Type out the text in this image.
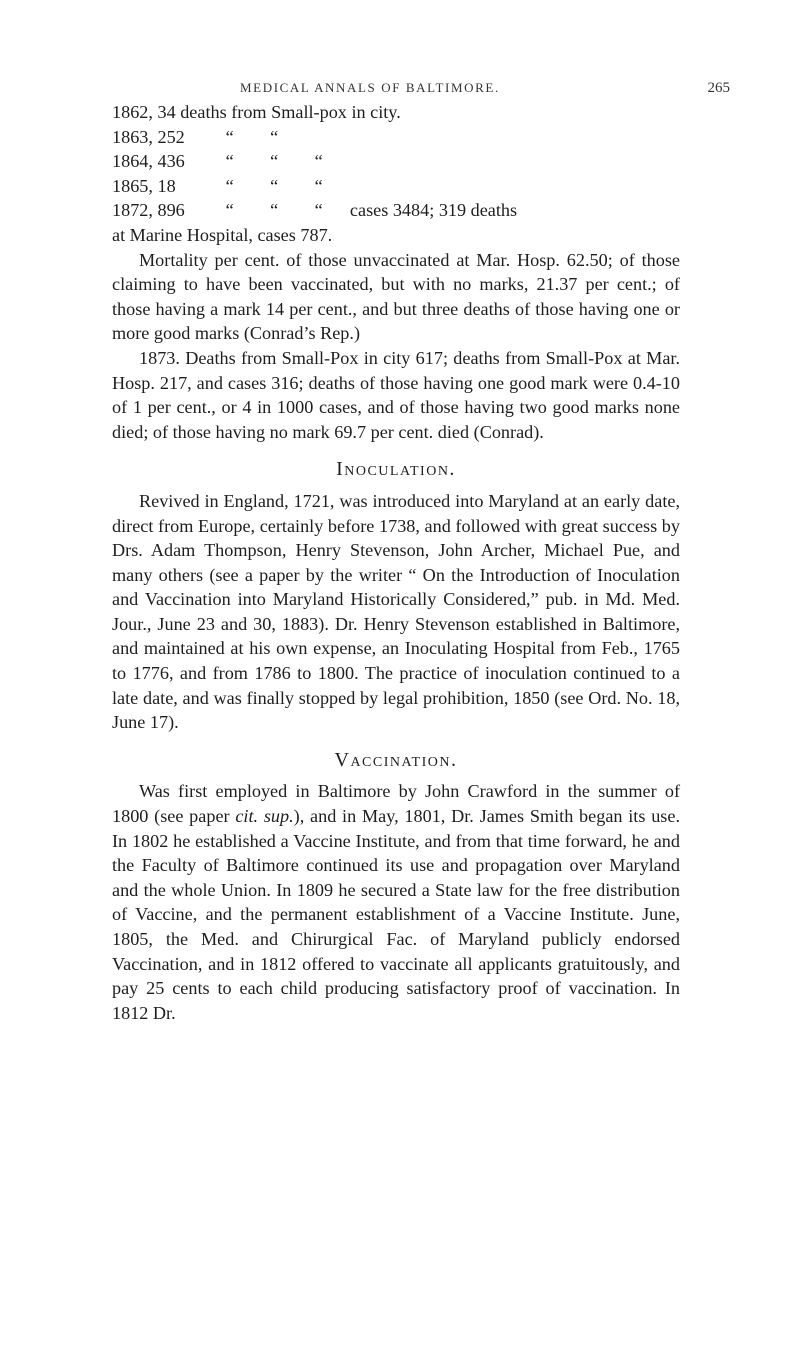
MEDICAL ANNALS OF BALTIMORE.	265
1862, 34 deaths from Small-pox in city.
1863, 252 “        “
1864, 436 “        “        “
1865, 18	“        “        “
1872, 896 “        “        “ cases 3484; 319 deaths
at Marine Hospital, cases 787.

Mortality per cent. of those unvaccinated at Mar. Hosp. 62.50; of those claiming to have been vaccinated, but with no marks, 21.37 per cent.; of those having a mark 14 per cent., and but three deaths of those having one or more good marks (Conrad’s Rep.)

1873. Deaths from Small-Pox in city 617; deaths from Small-Pox at Mar. Hosp. 217, and cases 316; deaths of those having one good mark were 0.4-10 of 1 per cent., or 4 in 1000 cases, and of those having two good marks none died; of those having no mark 69.7 per cent. died (Conrad).

Inoculation.

Revived in England, 1721, was introduced into Maryland at an early date, direct from Europe, certainly before 1738, and followed with great success by Drs. Adam Thompson, Henry Stevenson, John Archer, Michael Pue, and many others (see a paper by the writer “ On the Introduction of Inoculation and Vaccination into Maryland Historically Considered,” pub. in Md. Med. Jour., June 23 and 30, 1883). Dr. Henry Stevenson established in Baltimore, and maintained at his own expense, an Inoculating Hospital from Feb., 1765 to 1776, and from 1786 to 1800. The practice of inoculation continued to a late date, and was finally stopped by legal prohibition, 1850 (see Ord. No. 18, June 17).

Vaccination.

Was first employed in Baltimore by John Crawford in the summer of 1800 (see paper cit. sup.), and in May, 1801, Dr. James Smith began its use. In 1802 he established a Vaccine Institute, and from that time forward, he and the Faculty of Baltimore continued its use and propagation over Maryland and the whole Union. In 1809 he secured a State law for the free distribution of Vaccine, and the permanent establishment of a Vaccine Institute. June, 1805, the Med. and Chirurgical Fac. of Maryland publicly endorsed Vaccination, and in 1812 offered to vaccinate all applicants gratuitously, and pay 25 cents to each child producing satisfactory proof of vaccination. In 1812 Dr.
